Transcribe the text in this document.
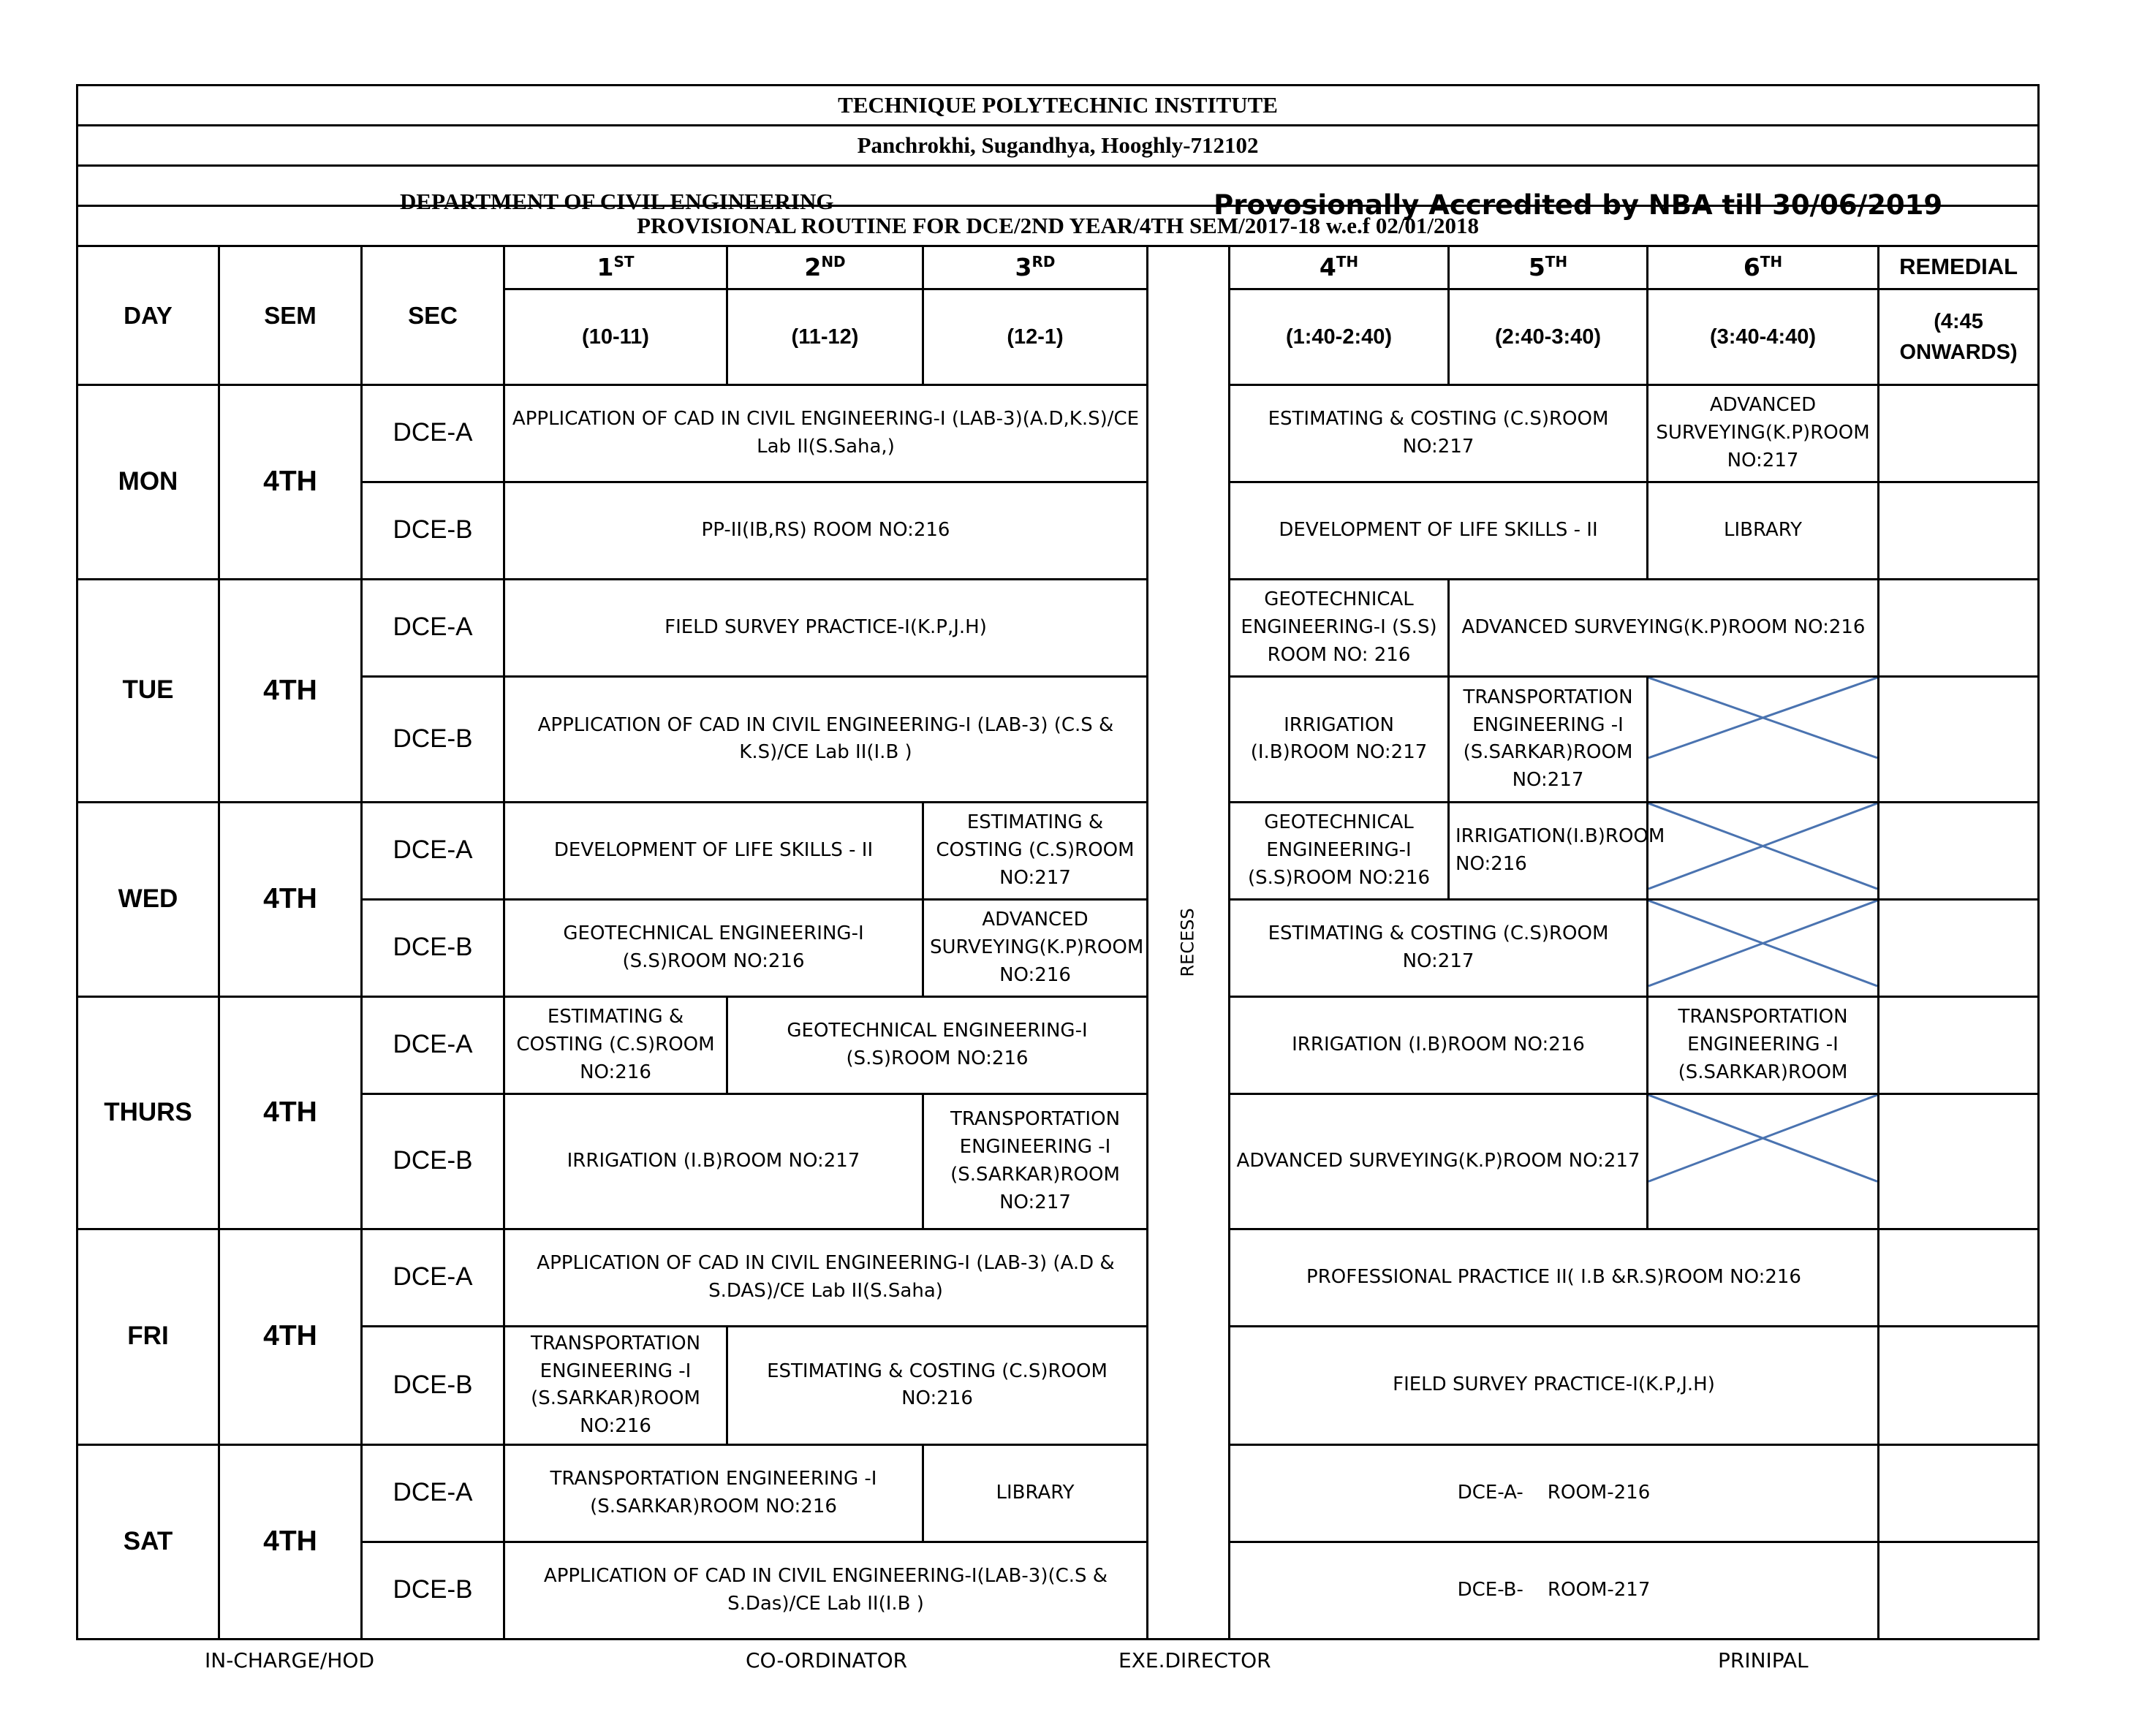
TECHNIQUE POLYTECHNIC INSTITUTE										
Panchrokhi, Sugandhya, Hooghly-712102										

DEPARTMENT OF CIVIL ENGINEERING Provosionally Accredited by NBA till 30/06/2019										

PROVISIONAL ROUTINE FOR DCE/2ND YEAR/4TH SEM/2017-18 w.e.f 02/01/2018										
DAY	SEM	SEC	1ST	2ND	3RD	RECESS	4TH	5TH	6TH	REMEDIAL
			(10-11)	(11-12)	(12-1)		(1:40-2:40)	(2:40-3:40)	(3:40-4:40)	(4:45 ONWARDS)
MON	4TH	DCE-A	APPLICATION OF CAD IN CIVIL ENGINEERING-I (LAB-3)(A.D,K.S)/CE Lab II(S.Saha,)				ESTIMATING & COSTING (C.S)ROOM NO:217		ADVANCED SURVEYING(K.P)ROOM NO:217	
		DCE-B	PP-II(IB,RS) ROOM NO:216				DEVELOPMENT OF LIFE SKILLS - II		LIBRARY	
TUE	4TH	DCE-A	FIELD SURVEY PRACTICE-I(K.P,J.H)				GEOTECHNICAL ENGINEERING-I (S.S) ROOM NO: 216	ADVANCED SURVEYING(K.P)ROOM NO:216		
		DCE-B	APPLICATION OF CAD IN CIVIL ENGINEERING-I (LAB-3) (C.S & K.S)/CE Lab II(I.B )				IRRIGATION (I.B)ROOM NO:217	TRANSPORTATION ENGINEERING -I (S.SARKAR)ROOM NO:217	

WED	4TH	DCE-A	DEVELOPMENT OF LIFE SKILLS - II		ESTIMATING & COSTING (C.S)ROOM NO:217		GEOTECHNICAL ENGINEERING-I (S.S)ROOM NO:216	IRRIGATION(I.B)ROOM NO:216	

		DCE-B	GEOTECHNICAL ENGINEERING-I (S.S)ROOM NO:216		ADVANCED SURVEYING(K.P)ROOM NO:216		ESTIMATING & COSTING (C.S)ROOM NO:217	

THURS	4TH	DCE-A	ESTIMATING & COSTING (C.S)ROOM NO:216	GEOTECHNICAL ENGINEERING-I (S.S)ROOM NO:216			IRRIGATION (I.B)ROOM NO:216		TRANSPORTATION ENGINEERING -I (S.SARKAR)ROOM	
		DCE-B	IRRIGATION (I.B)ROOM NO:217		TRANSPORTATION ENGINEERING -I (S.SARKAR)ROOM NO:217		ADVANCED SURVEYING(K.P)ROOM NO:217	

FRI	4TH	DCE-A	APPLICATION OF CAD IN CIVIL ENGINEERING-I (LAB-3) (A.D & S.DAS)/CE Lab II(S.Saha)				PROFESSIONAL PRACTICE II( I.B &R.S)ROOM NO:216			
		DCE-B	TRANSPORTATION ENGINEERING -I (S.SARKAR)ROOM NO:216	ESTIMATING & COSTING (C.S)ROOM NO:216			FIELD SURVEY PRACTICE-I(K.P,J.H)			
SAT	4TH	DCE-A	TRANSPORTATION ENGINEERING -I (S.SARKAR)ROOM NO:216		LIBRARY		DCE-A-    ROOM-216			
		DCE-B	APPLICATION OF CAD IN CIVIL ENGINEERING-I(LAB-3)(C.S & S.Das)/CE Lab II(I.B )				DCE-B-    ROOM-217			
IN-CHARGE/HOD	CO-ORDINATOR	EXE.DIRECTOR	PRINIPAL
